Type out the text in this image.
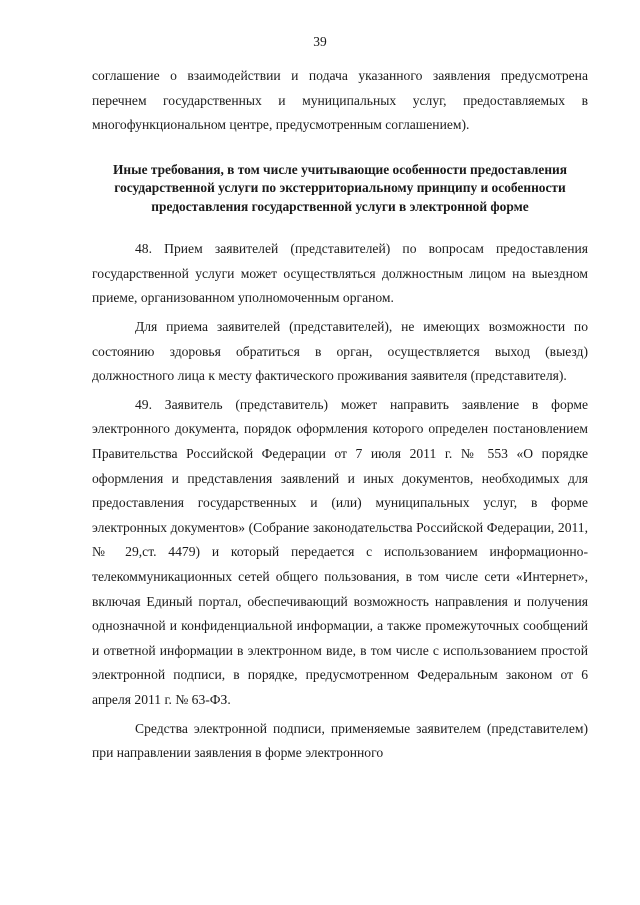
39

соглашение о взаимодействии и подача указанного заявления предусмотрена перечнем государственных и муниципальных услуг, предоставляемых в многофункциональном центре, предусмотренным соглашением).

Иные требования, в том числе учитывающие особенности предоставления государственной услуги по экстерриториальному принципу и особенности предоставления государственной услуги в электронной форме

48. Прием заявителей (представителей) по вопросам предоставления государственной услуги может осуществляться должностным лицом на выездном приеме, организованном уполномоченным органом.

Для приема заявителей (представителей), не имеющих возможности по состоянию здоровья обратиться в орган, осуществляется выход (выезд) должностного лица к месту фактического проживания заявителя (представителя).

49. Заявитель (представитель) может направить заявление в форме электронного документа, порядок оформления которого определен постановлением Правительства Российской Федерации от 7 июля 2011 г. № 553 «О порядке оформления и представления заявлений и иных документов, необходимых для предоставления государственных и (или) муниципальных услуг, в форме электронных документов» (Собрание законодательства Российской Федерации, 2011, № 29,ст. 4479) и который передается с использованием информационно-телекоммуникационных сетей общего пользования, в том числе сети «Интернет», включая Единый портал, обеспечивающий возможность направления и получения однозначной и конфиденциальной информации, а также промежуточных сообщений и ответной информации в электронном виде, в том числе с использованием простой электронной подписи, в порядке, предусмотренном Федеральным законом от 6 апреля 2011 г. № 63-ФЗ.

Средства электронной подписи, применяемые заявителем (представителем) при направлении заявления в форме электронного
